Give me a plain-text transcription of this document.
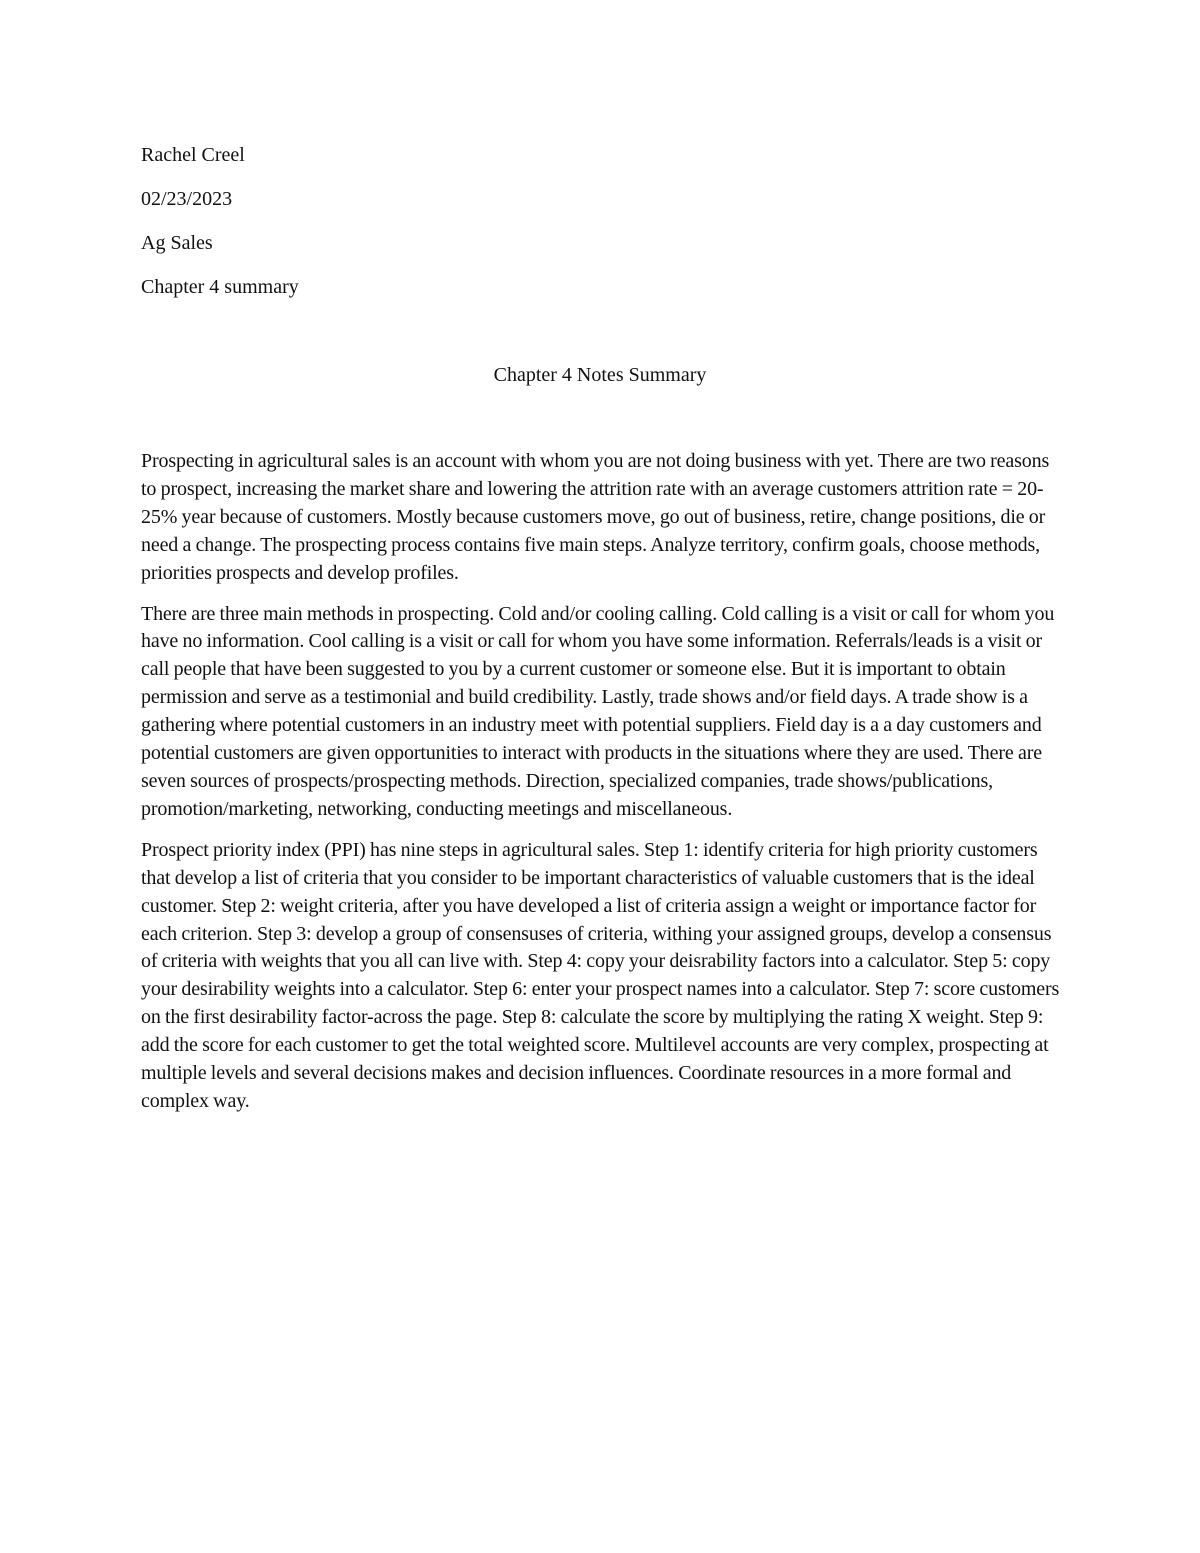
Rachel Creel
02/23/2023
Ag Sales
Chapter 4 summary
Chapter 4 Notes Summary

Prospecting in agricultural sales is an account with whom you are not doing business with yet. There are two reasons to prospect, increasing the market share and lowering the attrition rate with an average customers attrition rate = 20-25% year because of customers. Mostly because customers move, go out of business, retire, change positions, die or need a change. The prospecting process contains five main steps. Analyze territory, confirm goals, choose methods, priorities prospects and develop profiles.

There are three main methods in prospecting. Cold and/or cooling calling. Cold calling is a visit or call for whom you have no information. Cool calling is a visit or call for whom you have some information. Referrals/leads is a visit or call people that have been suggested to you by a current customer or someone else. But it is important to obtain permission and serve as a testimonial and build credibility. Lastly, trade shows and/or field days. A trade show is a gathering where potential customers in an industry meet with potential suppliers. Field day is a a day customers and potential customers are given opportunities to interact with products in the situations where they are used. There are seven sources of prospects/prospecting methods. Direction, specialized companies, trade shows/publications, promotion/marketing, networking, conducting meetings and miscellaneous.

Prospect priority index (PPI) has nine steps in agricultural sales. Step 1: identify criteria for high priority customers that develop a list of criteria that you consider to be important characteristics of valuable customers that is the ideal customer. Step 2: weight criteria, after you have developed a list of criteria assign a weight or importance factor for each criterion. Step 3: develop a group of consensuses of criteria, withing your assigned groups, develop a consensus of criteria with weights that you all can live with. Step 4: copy your deisrability factors into a calculator. Step 5: copy your desirability weights into a calculator. Step 6: enter your prospect names into a calculator. Step 7: score customers on the first desirability factor-across the page. Step 8: calculate the score by multiplying the rating X weight. Step 9: add the score for each customer to get the total weighted score. Multilevel accounts are very complex, prospecting at multiple levels and several decisions makes and decision influences. Coordinate resources in a more formal and complex way.
